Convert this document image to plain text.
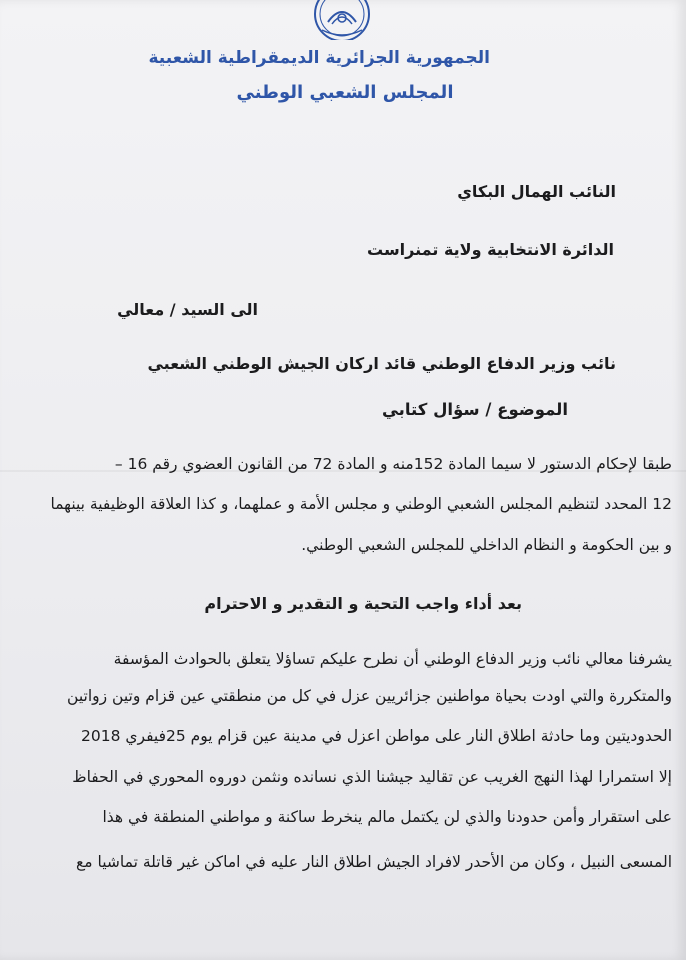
الجمهورية الجزائرية الديمقراطية الشعبية
المجلس الشعبي الوطني
النائب الهمال البكاي
الدائرة الانتخابية ولاية تمنراست
الى السيد / معالي
نائب وزير الدفاع الوطني قائد اركان الجيش الوطني الشعبي
الموضوع / سؤال كتابي
طبقا لإحكام الدستور لا سيما المادة 152منه و المادة 72 من القانون العضوي رقم 16 –
12 المحدد لتنظيم المجلس الشعبي الوطني و مجلس الأمة و عملهما، و كذا العلاقة الوظيفية بينهما
و بين الحكومة و النظام الداخلي للمجلس الشعبي الوطني.
بعد أداء واجب التحية و التقدير و الاحترام
يشرفنا معالي نائب وزير الدفاع الوطني أن نطرح عليكم تساؤلا يتعلق بالحوادث المؤسفة
والمتكررة والتي اودت بحياة مواطنين جزائريين عزل في كل من منطقتي عين قزام وتين زواتين
الحدوديتين وما حادثة اطلاق النار على مواطن اعزل في مدينة عين قزام يوم 25فيفري 2018
إلا استمرارا لهذا النهج الغريب عن تقاليد جيشنا الذي نسانده ونثمن دوروه المحوري في الحفاظ
على استقرار وأمن حدودنا والذي لن يكتمل مالم ينخرط ساكنة و مواطني المنطقة في هذا
المسعى النبيل ، وكان من الأحدر لافراد الجيش اطلاق النار عليه في اماكن غير قاتلة تماشيا مع
